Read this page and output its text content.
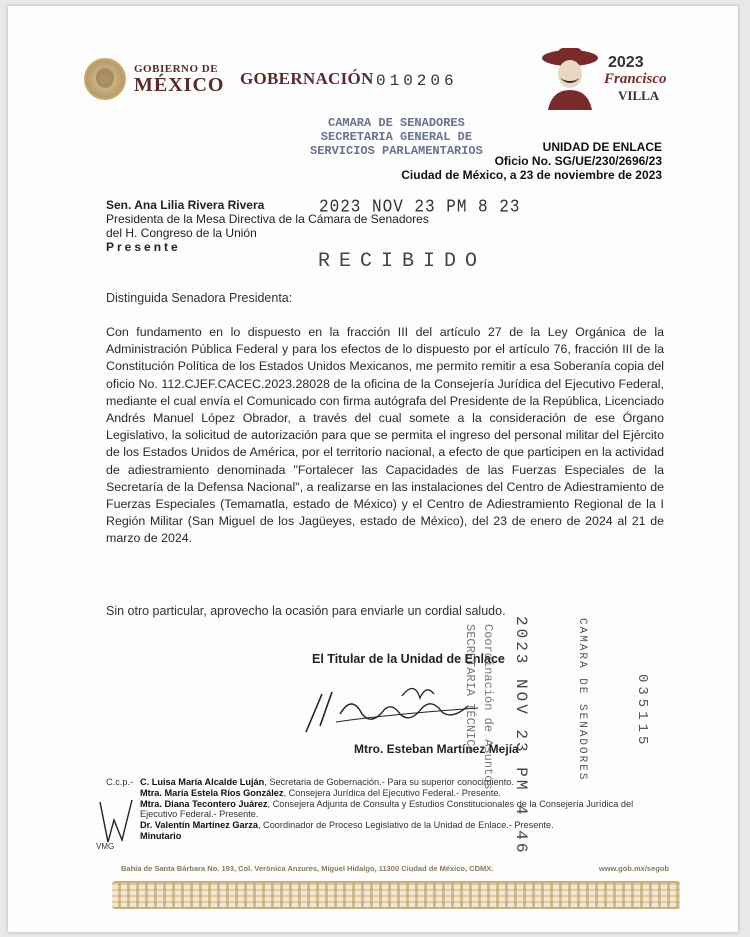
GOBIERNO DE
MÉXICO GOBERNACIÓN 010206
2023
Francisco
VILLA
CAMARA DE SENADORES
SECRETARIA GENERAL DE
SERVICIOS PARLAMENTARIOS	UNIDAD DE ENLACE
Oficio No. SG/UE/230/2696/23
Ciudad de México, a 23 de noviembre de 2023
Sen. Ana Lilia Rivera Rivera
Presidenta de la Mesa Directiva de la Cámara de Senadores
del H. Congreso de la Unión
Presente
2023 NOV 23 PM 8 23
RECIBIDO
Distinguida Senadora Presidenta:
Con fundamento en lo dispuesto en la fracción III del artículo 27 de la Ley Orgánica de la Administración Pública Federal y para los efectos de lo dispuesto por el artículo 76, fracción III de la Constitución Política de los Estados Unidos Mexicanos, me permito remitir a esa Soberanía copia del oficio No. 112.CJEF.CACEC.2023.28028 de la oficina de la Consejería Jurídica del Ejecutivo Federal, mediante el cual envía el Comunicado con firma autógrafa del Presidente de la República, Licenciado Andrés Manuel López Obrador, a través del cual somete a la consideración de ese Órgano Legislativo, la solicitud de autorización para que se permita el ingreso del personal militar del Ejército de los Estados Unidos de América, por el territorio nacional, a efecto de que participen en la actividad de adiestramiento denominada "Fortalecer las Capacidades de las Fuerzas Especiales de la Secretaría de la Defensa Nacional", a realizarse en las instalaciones del Centro de Adiestramiento de Fuerzas Especiales (Temamatla, estado de México) y el Centro de Adiestramiento Regional de la I Región Militar (San Miguel de los Jagüeyes, estado de México), del 23 de enero de 2024 al 21 de marzo de 2024.
Sin otro particular, aprovecho la ocasión para enviarle un cordial saludo.
El Titular de la Unidad de Enlace
Mtro. Esteban Martínez Mejía
Coordinación de Asuntos
SECRETARIA TÉCNICA	2023 NOV 23 PM 4 46	CAMARA DE SENADORES	035115
C.c.p.- C. Luisa María Alcalde Luján, Secretaria de Gobernación.- Para su superior conocimiento.
Mtra. María Estela Ríos González, Consejera Jurídica del Ejecutivo Federal.- Presente.
Mtra. Diana Tecontero Juárez, Consejera Adjunta de Consulta y Estudios Constitucionales de la Consejería Jurídica del Ejecutivo Federal.- Presente.
Dr. Valentín Martínez Garza, Coordinador de Proceso Legislativo de la Unidad de Enlace.- Presente.
Minutario
VMG
Bahía de Santa Bárbara No. 193, Col. Verónica Anzures, Miguel Hidalgo, 11300 Ciudad de México, CDMX.	www.gob.mx/segob
